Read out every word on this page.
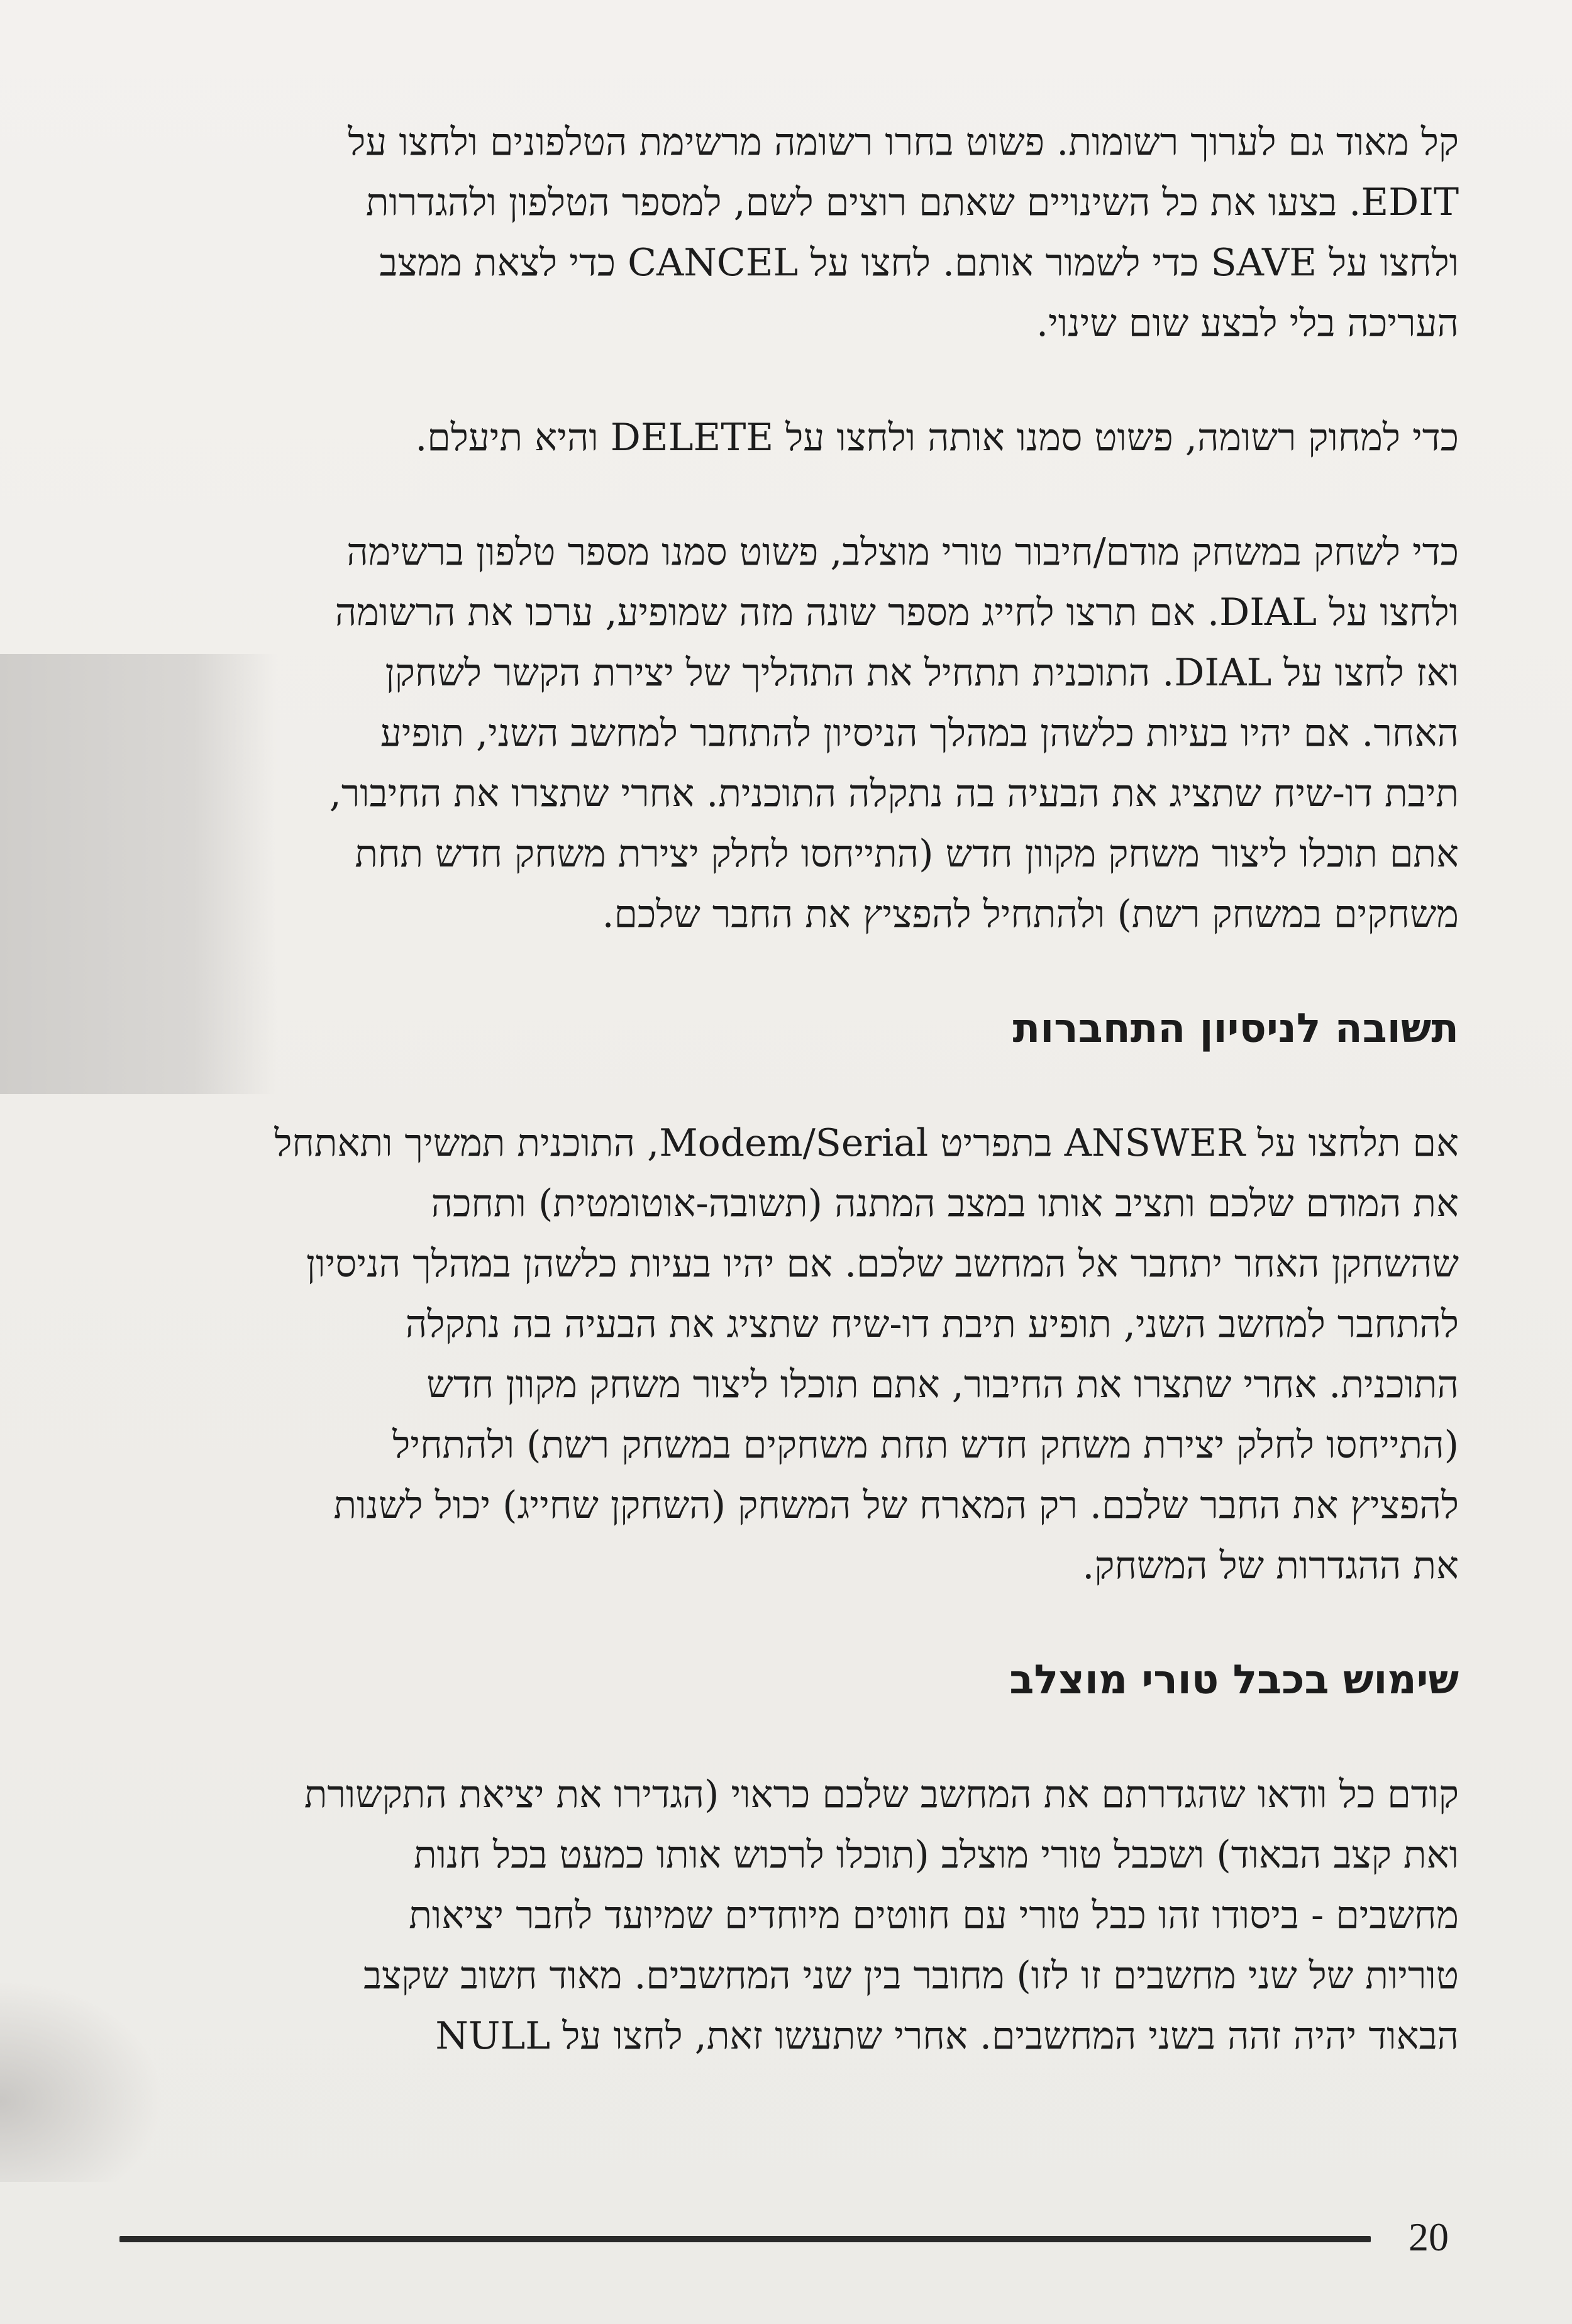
קל מאוד גם לערוך רשומות. פשוט בחרו רשומה מרשימת הטלפונים ולחצו על
EDIT. בצעו את כל השינויים שאתם רוצים לשם, למספר הטלפון ולהגדרות
ולחצו על SAVE כדי לשמור אותם. לחצו על CANCEL כדי לצאת ממצב
העריכה בלי לבצע שום שינוי.
כדי למחוק רשומה, פשוט סמנו אותה ולחצו על DELETE והיא תיעלם.
כדי לשחק במשחק מודם/חיבור טורי מוצלב, פשוט סמנו מספר טלפון ברשימה
ולחצו על DIAL. אם תרצו לחייג מספר שונה מזה שמופיע, ערכו את הרשומה
ואז לחצו על DIAL. התוכנית תתחיל את התהליך של יצירת הקשר לשחקן
האחר. אם יהיו בעיות כלשהן במהלך הניסיון להתחבר למחשב השני, תופיע
תיבת דו-שיח שתציג את הבעיה בה נתקלה התוכנית. אחרי שתצרו את החיבור,
אתם תוכלו ליצור משחק מקוון חדש (התייחסו לחלק יצירת משחק חדש תחת
משחקים במשחק רשת) ולהתחיל להפציץ את החבר שלכם.
תשובה לניסיון התחברות
אם תלחצו על ANSWER בתפריט Modem/Serial, התוכנית תמשיך ותאתחל
את המודם שלכם ותציב אותו במצב המתנה (תשובה-אוטומטית) ותחכה
שהשחקן האחר יתחבר אל המחשב שלכם. אם יהיו בעיות כלשהן במהלך הניסיון
להתחבר למחשב השני, תופיע תיבת דו-שיח שתציג את הבעיה בה נתקלה
התוכנית. אחרי שתצרו את החיבור, אתם תוכלו ליצור משחק מקוון חדש
(התייחסו לחלק יצירת משחק חדש תחת משחקים במשחק רשת) ולהתחיל
להפציץ את החבר שלכם. רק המארח של המשחק (השחקן שחייג) יכול לשנות
את ההגדרות של המשחק.
שימוש בכבל טורי מוצלב
קודם כל וודאו שהגדרתם את המחשב שלכם כראוי (הגדירו את יציאת התקשורת
ואת קצב הבאוד) ושכבל טורי מוצלב (תוכלו לרכוש אותו כמעט בכל חנות
מחשבים - ביסודו זהו כבל טורי עם חווטים מיוחדים שמיועד לחבר יציאות
טוריות של שני מחשבים זו לזו) מחובר בין שני המחשבים. מאוד חשוב שקצב
הבאוד יהיה זהה בשני המחשבים. אחרי שתעשו זאת, לחצו על NULL
20
